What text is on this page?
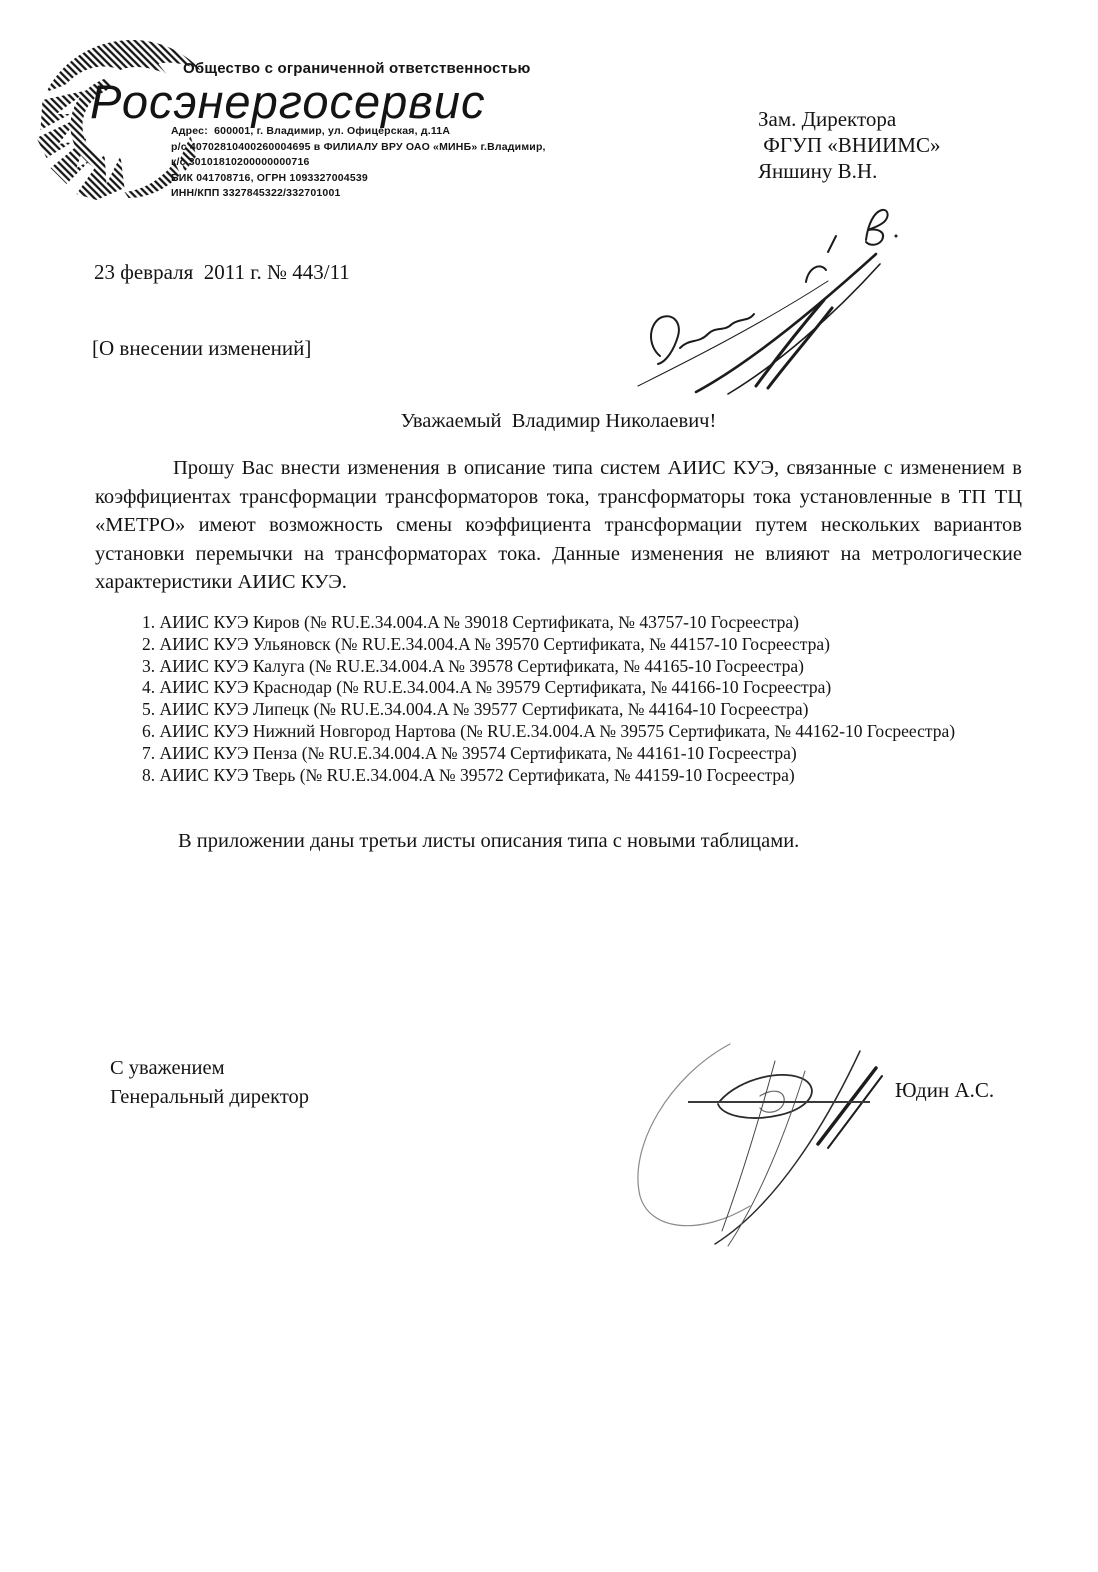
Общество с ограниченной ответственностью
Росэнергосервис
Адрес:  600001, г. Владимир, ул. Офицерская, д.11А
р/с 40702810400260004695 в ФИЛИАЛУ ВРУ ОАО «МИНБ» г.Владимир,
к/с 30101810200000000716
БИК 041708716, ОГРН 1093327004539
ИНН/КПП 3327845322/332701001
Зам. Директора
ФГУП «ВНИИМС»
Яншину В.Н.
23 февраля  2011 г. № 443/11
[О внесении изменений]
Уважаемый  Владимир Николаевич!
Прошу Вас внести изменения в описание типа систем АИИС КУЭ, связанные с изменением в коэффициентах трансформации трансформаторов тока, трансформаторы тока установленные в ТП ТЦ «МЕТРО» имеют возможность смены коэффициента трансформации путем нескольких вариантов установки перемычки на трансформаторах тока. Данные изменения не влияют на метрологические характеристики АИИС КУЭ.
1. АИИС КУЭ Киров (№ RU.E.34.004.A № 39018 Сертификата, № 43757-10 Госреестра)
2. АИИС КУЭ Ульяновск (№ RU.E.34.004.A № 39570 Сертификата, № 44157-10 Госреестра)
3. АИИС КУЭ Калуга (№ RU.E.34.004.A № 39578 Сертификата, № 44165-10 Госреестра)
4. АИИС КУЭ Краснодар (№ RU.E.34.004.A № 39579 Сертификата, № 44166-10 Госреестра)
5. АИИС КУЭ Липецк (№ RU.E.34.004.A № 39577 Сертификата, № 44164-10 Госреестра)
6. АИИС КУЭ Нижний Новгород Нартова (№ RU.E.34.004.A № 39575 Сертификата, № 44162-10 Госреестра)
7. АИИС КУЭ Пенза (№ RU.E.34.004.A № 39574 Сертификата, № 44161-10 Госреестра)
8. АИИС КУЭ Тверь (№ RU.E.34.004.A № 39572 Сертификата, № 44159-10 Госреестра)
В приложении даны третьи листы описания типа с новыми таблицами.
С уважением
Генеральный директор	Юдин А.С.
